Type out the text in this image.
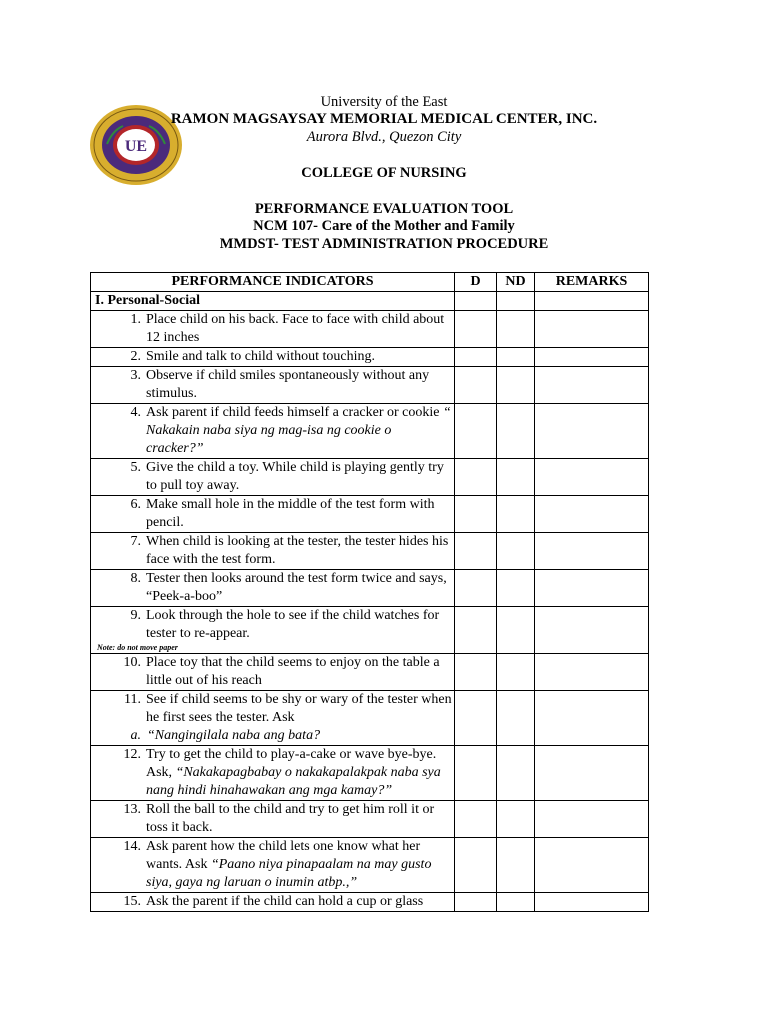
UE
University of the East
RAMON MAGSAYSAY MEMORIAL MEDICAL CENTER, INC.
Aurora Blvd., Quezon City
COLLEGE OF NURSING
PERFORMANCE EVALUATION TOOL
NCM 107- Care of the Mother and Family
MMDST- TEST ADMINISTRATION PROCEDURE
PERFORMANCE INDICATORS	D	ND	REMARKS
I. Personal-Social			

1. Place child on his back. Face to face with child about 12 inches			

2. Smile and talk to child without touching.			

3. Observe if child smiles spontaneously without any stimulus.			

4. Ask parent if child feeds himself a cracker or cookie “ Nakakain naba siya ng mag-isa ng cookie o cracker?”			

5. Give the child a toy. While child is playing gently try to pull toy away.			

6. Make small hole in the middle of the test form with pencil.			

7. When child is looking at the tester, the tester hides his face with the test form.			

8. Tester then looks around the test form twice and says, “Peek-a-boo”			

9. Look through the hole to see if the child watches for tester to re-appear.
Note: do not move paper			

10. Place toy that the child seems to enjoy on the table a little out of his reach			

11. See if child seems to be shy or wary of the tester when he first sees the tester. Ask
a. “Nangingilala naba ang bata?			

12. Try to get the child to play-a-cake or wave bye-bye. Ask, “Nakakapagbabay o nakakapalakpak naba sya nang hindi hinahawakan ang mga kamay?”			

13. Roll the ball to the child and try to get him roll it or toss it back.			

14. Ask parent how the child lets one know what her wants. Ask “Paano niya pinapaalam na may gusto siya, gaya ng laruan o inumin atbp.,”			

15. Ask the parent if the child can hold a cup or glass			
